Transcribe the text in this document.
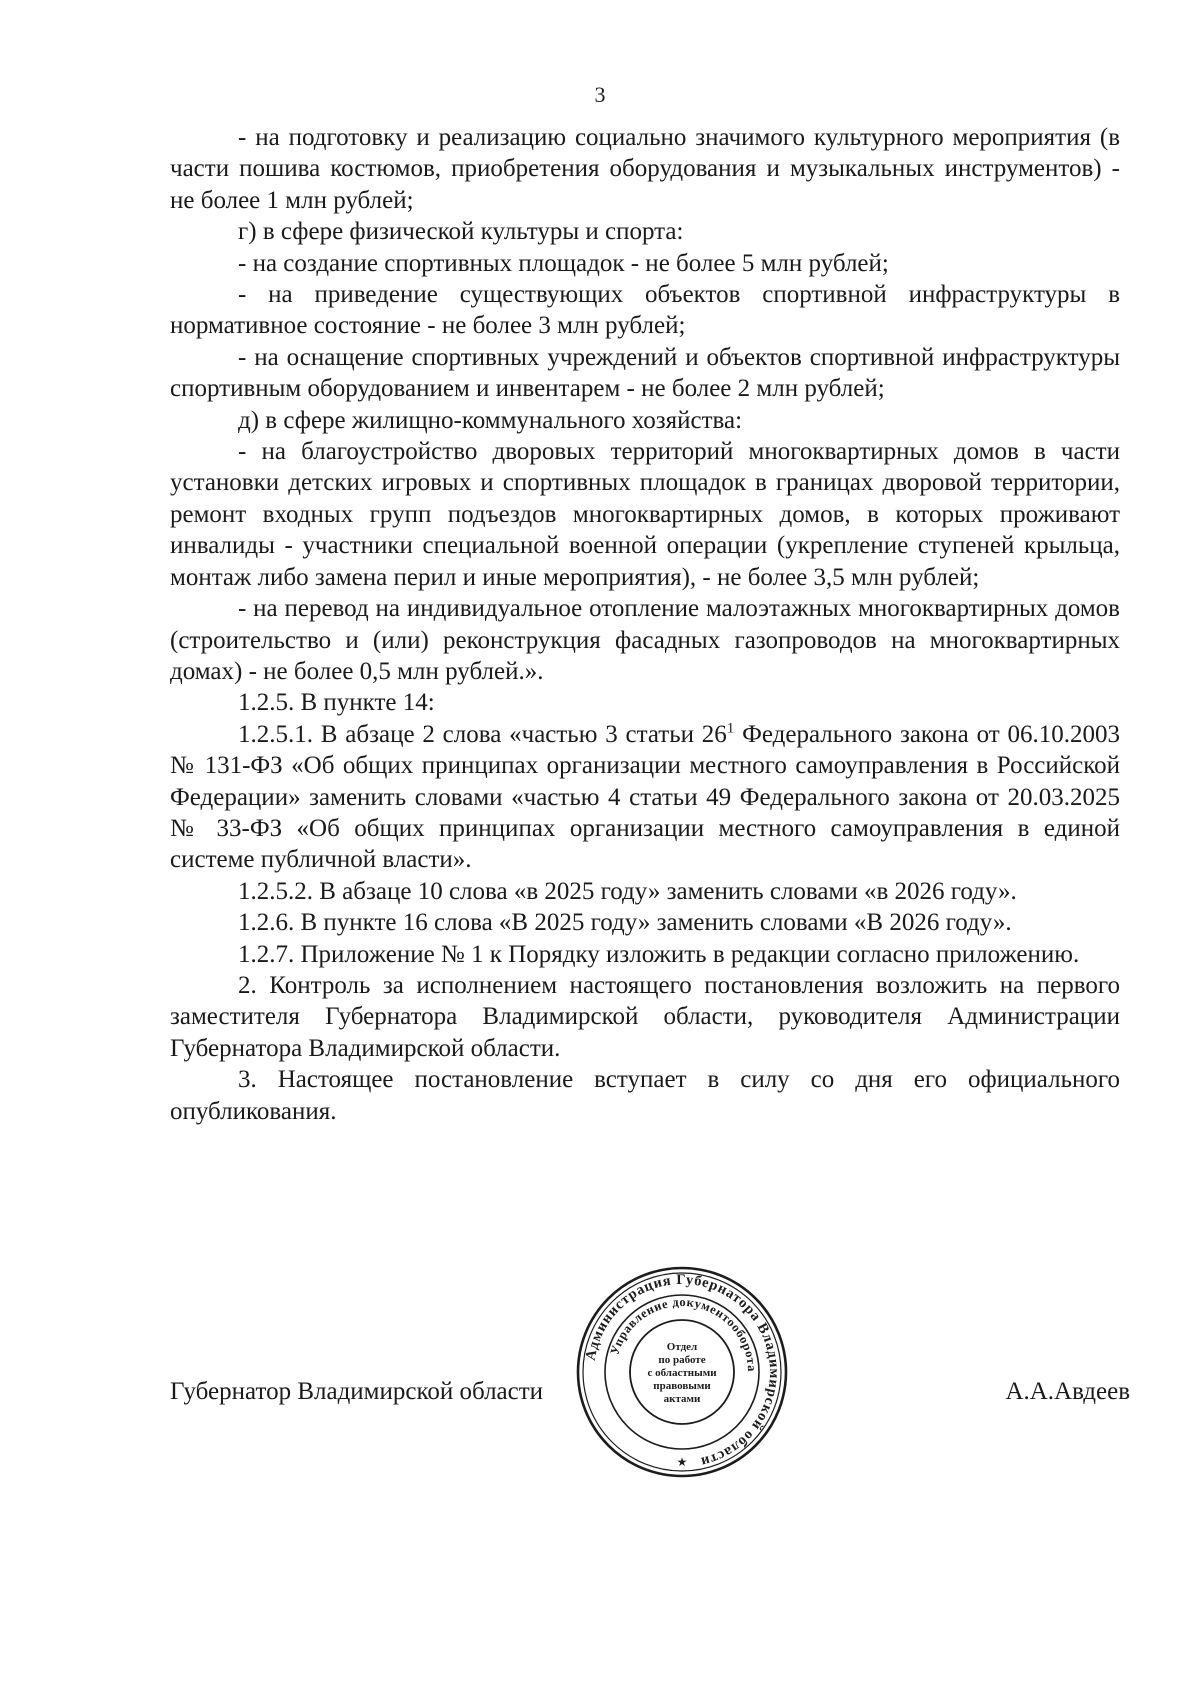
3

- на подготовку и реализацию социально значимого культурного мероприятия (в части пошива костюмов, приобретения оборудования и музыкальных инструментов) - не более 1 млн рублей;

г) в сфере физической культуры и спорта:

- на создание спортивных площадок - не более 5 млн рублей;

- на приведение существующих объектов спортивной инфраструктуры в нормативное состояние - не более 3 млн рублей;

- на оснащение спортивных учреждений и объектов спортивной инфраструктуры спортивным оборудованием и инвентарем - не более 2 млн рублей;

д) в сфере жилищно-коммунального хозяйства:

- на благоустройство дворовых территорий многоквартирных домов в части установки детских игровых и спортивных площадок в границах дворовой территории, ремонт входных групп подъездов многоквартирных домов, в которых проживают инвалиды - участники специальной военной операции (укрепление ступеней крыльца, монтаж либо замена перил и иные мероприятия), - не более 3,5 млн рублей;

- на перевод на индивидуальное отопление малоэтажных многоквартирных домов (строительство и (или) реконструкция фасадных газопроводов на многоквартирных домах) - не более 0,5 млн рублей.».

1.2.5. В пункте 14:

1.2.5.1. В абзаце 2 слова «частью 3 статьи $26^1$ Федерального закона от 06.10.2003 № 131-ФЗ «Об общих принципах организации местного самоуправления в Российской Федерации» заменить словами «частью 4 статьи 49 Федерального закона от 20.03.2025 № 33-ФЗ «Об общих принципах организации местного самоуправления в единой системе публичной власти».

1.2.5.2. В абзаце 10 слова «в 2025 году» заменить словами «в 2026 году».

1.2.6. В пункте 16 слова «В 2025 году» заменить словами «В 2026 году».

1.2.7. Приложение № 1 к Порядку изложить в редакции согласно приложению.

2. Контроль за исполнением настоящего постановления возложить на первого заместителя Губернатора Владимирской области, руководителя Администрации Губернатора Владимирской области.

3. Настоящее постановление вступает в силу со дня его официального опубликования.

Губернатор Владимирской области	А.А.Авдеев
Администрация Губернатора Владимирской области
Управление документооборота
Отдел
по работе
с областными
правовыми
актами
★
